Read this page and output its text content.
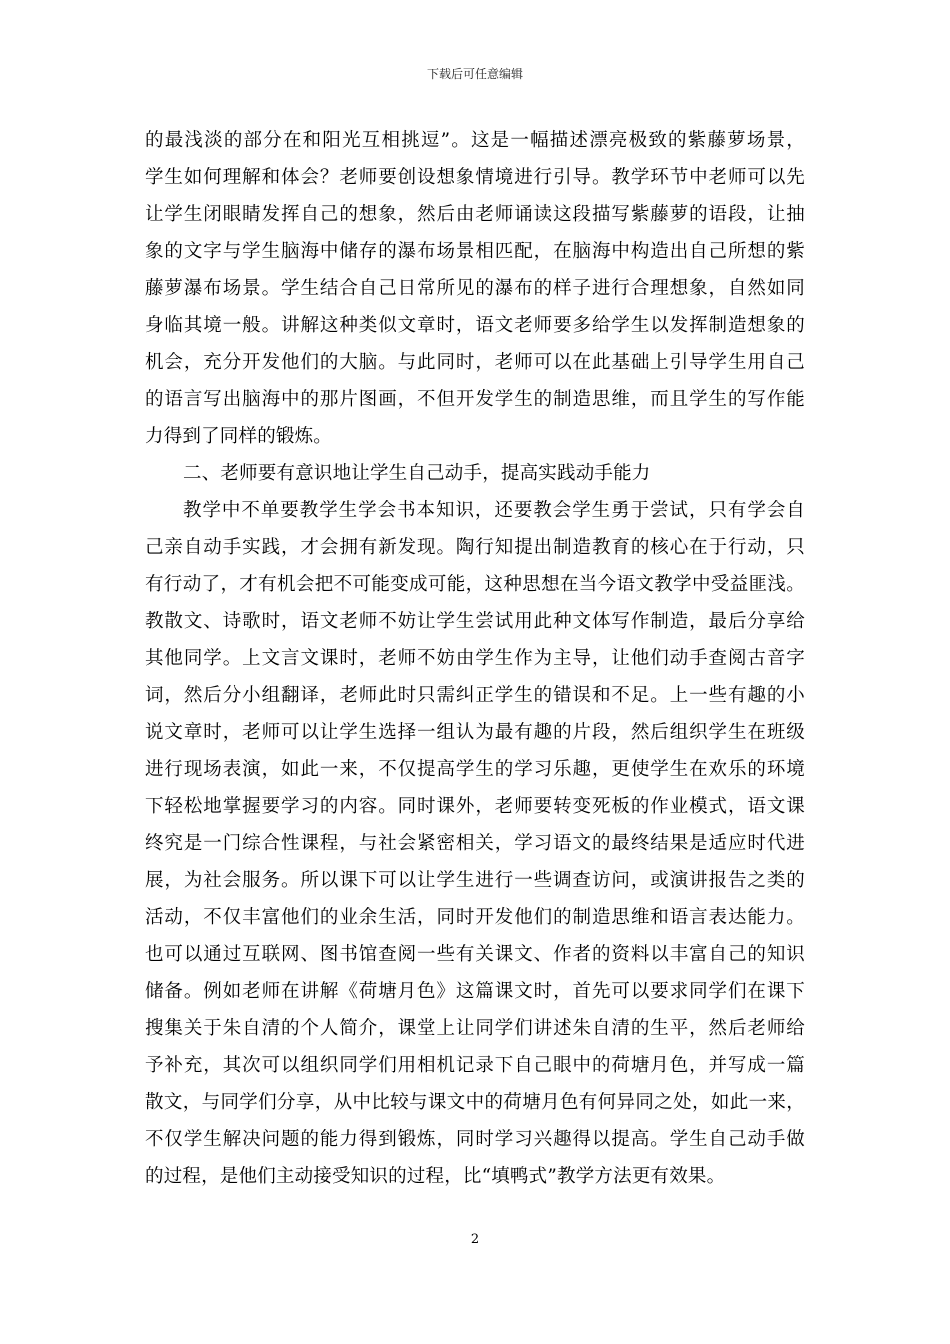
下载后可任意编辑
的最浅淡的部分在和阳光互相挑逗”。这是一幅描述漂亮极致的紫藤萝场景，
学生如何理解和体会？老师要创设想象情境进行引导。教学环节中老师可以先
让学生闭眼睛发挥自己的想象，然后由老师诵读这段描写紫藤萝的语段，让抽
象的文字与学生脑海中储存的瀑布场景相匹配，在脑海中构造出自己所想的紫
藤萝瀑布场景。学生结合自己日常所见的瀑布的样子进行合理想象，自然如同
身临其境一般。讲解这种类似文章时，语文老师要多给学生以发挥制造想象的
机会，充分开发他们的大脑。与此同时，老师可以在此基础上引导学生用自己
的语言写出脑海中的那片图画，不但开发学生的制造思维，而且学生的写作能
力得到了同样的锻炼。
二、老师要有意识地让学生自己动手，提高实践动手能力
教学中不单要教学生学会书本知识，还要教会学生勇于尝试，只有学会自
己亲自动手实践，才会拥有新发现。陶行知提出制造教育的核心在于行动，只
有行动了，才有机会把不可能变成可能，这种思想在当今语文教学中受益匪浅。
教散文、诗歌时，语文老师不妨让学生尝试用此种文体写作制造，最后分享给
其他同学。上文言文课时，老师不妨由学生作为主导，让他们动手查阅古音字
词，然后分小组翻译，老师此时只需纠正学生的错误和不足。上一些有趣的小
说文章时，老师可以让学生选择一组认为最有趣的片段，然后组织学生在班级
进行现场表演，如此一来，不仅提高学生的学习乐趣，更使学生在欢乐的环境
下轻松地掌握要学习的内容。同时课外，老师要转变死板的作业模式，语文课
终究是一门综合性课程，与社会紧密相关，学习语文的最终结果是适应时代进
展，为社会服务。所以课下可以让学生进行一些调查访问，或演讲报告之类的
活动，不仅丰富他们的业余生活，同时开发他们的制造思维和语言表达能力。
也可以通过互联网、图书馆查阅一些有关课文、作者的资料以丰富自己的知识
储备。例如老师在讲解《荷塘月色》这篇课文时，首先可以要求同学们在课下
搜集关于朱自清的个人简介，课堂上让同学们讲述朱自清的生平，然后老师给
予补充，其次可以组织同学们用相机记录下自己眼中的荷塘月色，并写成一篇
散文，与同学们分享，从中比较与课文中的荷塘月色有何异同之处，如此一来，
不仅学生解决问题的能力得到锻炼，同时学习兴趣得以提高。学生自己动手做
的过程，是他们主动接受知识的过程，比“填鸭式”教学方法更有效果。
2
